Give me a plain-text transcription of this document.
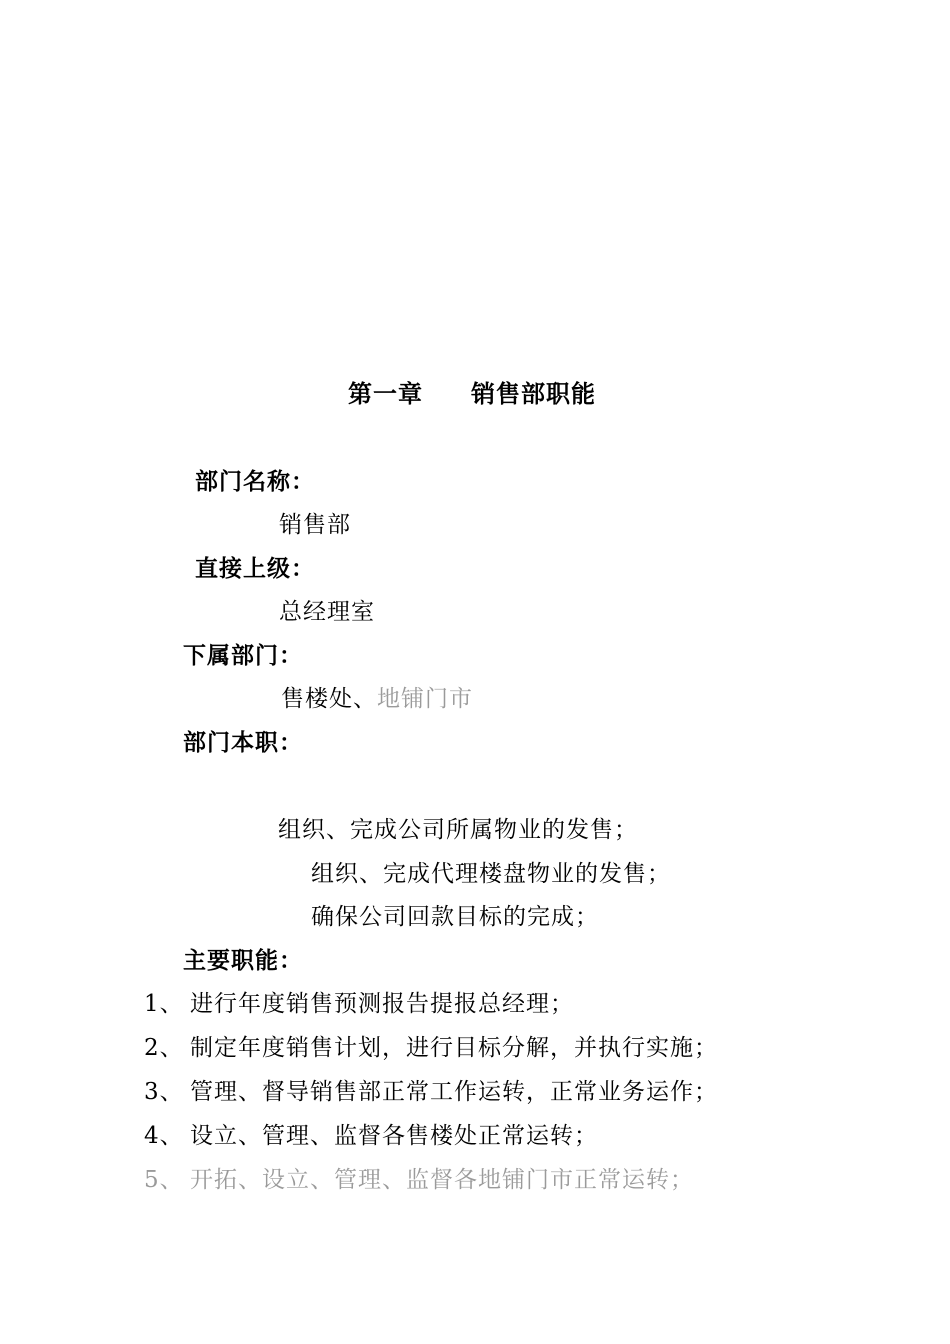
第一章 销售部职能
部门名称：
销售部
直接上级：
总经理室
下属部门：
售楼处、地铺门市
部门本职：
组织、完成公司所属物业的发售；
组织、完成代理楼盘物业的发售；
确保公司回款目标的完成；
主要职能：
1、 进行年度销售预测报告提报总经理；
2、 制定年度销售计划，进行目标分解，并执行实施；
3、 管理、督导销售部正常工作运转，正常业务运作；
4、 设立、管理、监督各售楼处正常运转；
5、 开拓、设立、管理、监督各地铺门市正常运转；
